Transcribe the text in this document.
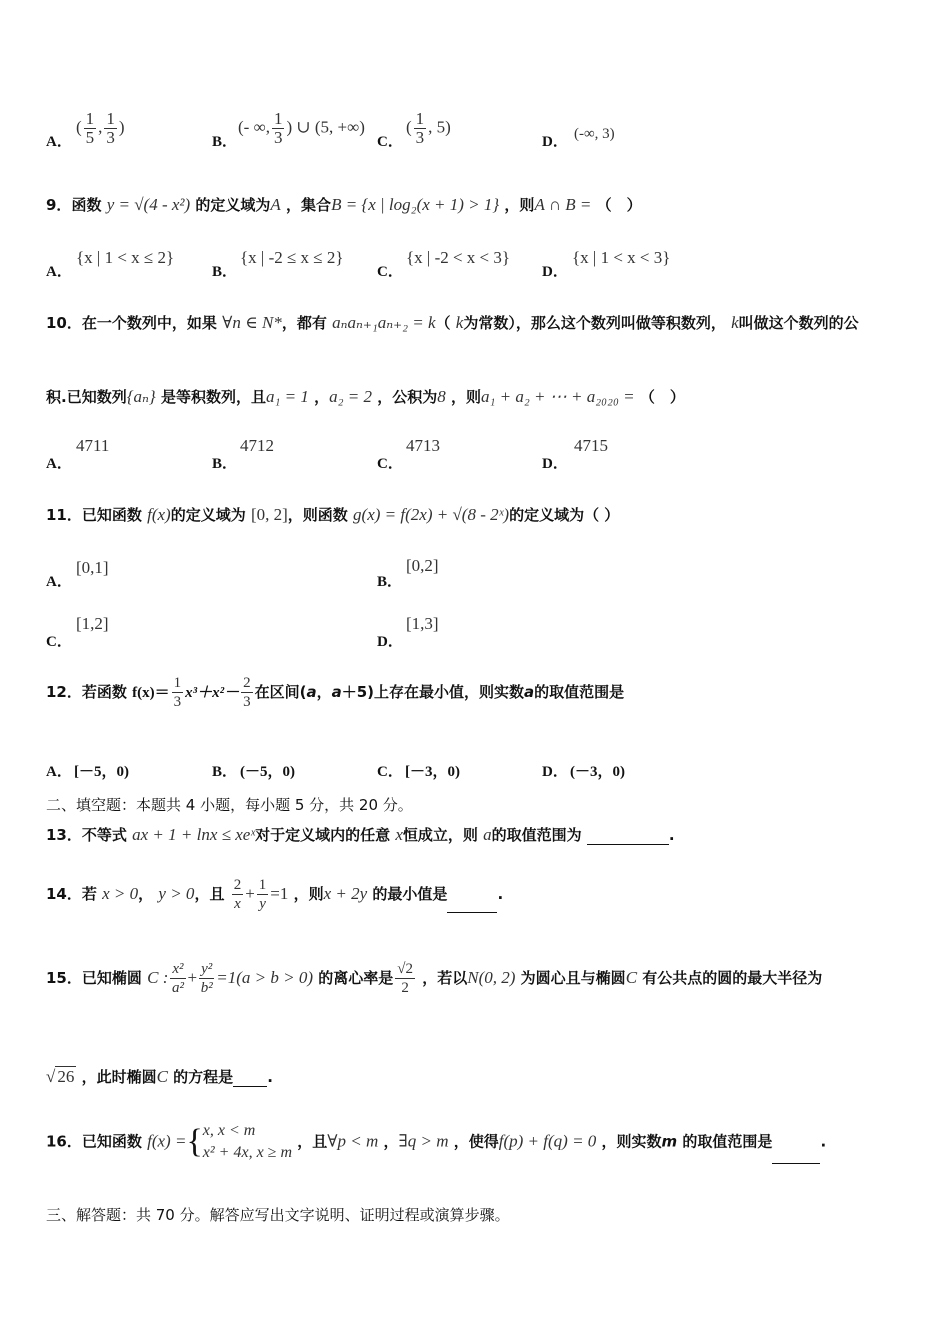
A．
( $\frac{1}{5}$ , $\frac{1}{3}$ )
B．
(- ∞, $\frac{1}{3}$ ) ∪ (5, +∞)
C．
( $\frac{1}{3}$ , 5)
D． (-∞, 3)
9．函数 y = √(4 - x²) 的定义域为A ，集合B = {x | log₂(x + 1) > 1} ，则A ∩ B = （　）
A．
{x | 1 < x ≤ 2}
B．
{x | -2 ≤ x ≤ 2}
C．
{x | -2 < x < 3}
D．
{x | 1 < x < 3}
10．在一个数列中，如果 ∀n ∈ N*，都有 aₙaₙ₊₁aₙ₊₂ = k（ k为常数），那么这个数列叫做等积数列， k叫做这个数列的公
积.已知数列{aₙ} 是等积数列，且a₁ = 1 ，a₂ = 2 ，公积为8 ，则a₁ + a₂ + ⋯ + a₂₀₂₀ = （　）
A．
4711
B．
4712
C．
4713
D．
4715
11．已知函数 f(x)的定义域为 [0, 2]，则函数 g(x) = f(2x) + √(8 - 2ˣ)的定义域为（ ）
A．
[0,1]
B．
[0,2]
C．
[1,2]
D．
[1,3]
12．若函数 $f(x)= \frac{1}{3} x^3+x^2- \frac{2}{3}$ 在区间(a，a＋5)上存在最小值，则实数a的取值范围是
A． [－5，0)	B． (－5，0)	C． [－3，0)	D． (－3，0)
二、填空题：本题共 4 小题，每小题 5 分，共 20 分。
13．不等式 ax + 1 + lnx ≤ xeˣ对于定义域内的任意 x恒成立，则 a的取值范围为	.
14．若 x > 0， y > 0，且 $\frac{2}{x} + \frac{1}{y} =1$ ，则x + 2y 的最小值是	.
15．已知椭圆 C : $\frac{\text{x²}}{\text{a²}} + \frac{\text{y²}}{\text{b²}} =1(a > b > 0)$ 的离心率是 $\frac{√2}{2}$ ，若以N(0, 2) 为圆心且与椭圆C 有公共点的圆的最大半径为
√ 26 ，此时椭圆C 的方程是 .
16．已知函数 f(x) ={ x, x < m
x² + 4x, x ≥ m
，且∀p < m ，∃q > m ，使得f(p) + f(q) = 0 ，则实数m 的取值范围是	.
三、解答题：共 70 分。解答应写出文字说明、证明过程或演算步骤。
